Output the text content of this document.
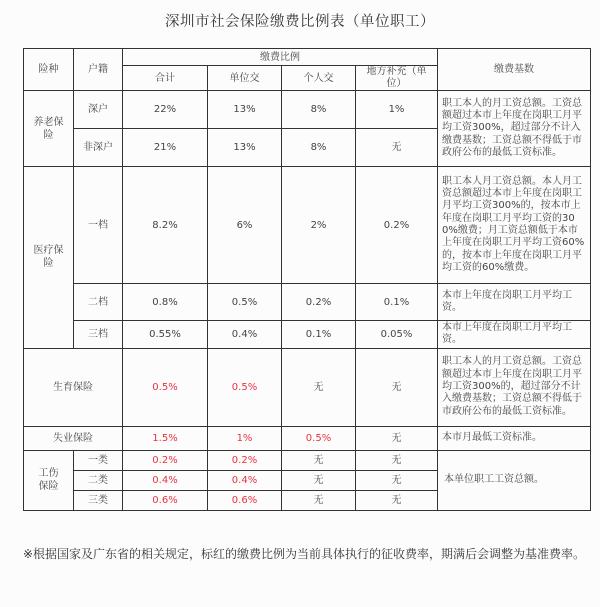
深圳市社会保险缴费比例表（单位职工）
险种	户籍	缴费比例				缴费基数
		合计	单位交	个人交	地方补充（单位）	
养老保险	深户	22%	13%	8%	1%	职工本人的月工资总额。工资总额超过本市上年度在岗职工月平均工资300%，超过部分不计入缴费基数；工资总额不得低于市政府公布的最低工资标准。
	非深户	21%	13%	8%	无	
医疗保险	一档	8.2%	6%	2%	0.2%	职工本人月工资总额。本人月工资总额超过本市上年度在岗职工月平均工资300%的，按本市上年度在岗职工月平均工资的300%缴费；月工资总额低于本市上年度在岗职工月平均工资60%的，按本市上年度在岗职工月平均工资的60%缴费。
	二档	0.8%	0.5%	0.2%	0.1%	本市上年度在岗职工月平均工资。
	三档	0.55%	0.4%	0.1%	0.05%	本市上年度在岗职工月平均工资。
生育保险		0.5%	0.5%	无	无	职工本人的月工资总额。工资总额超过本市上年度在岗职工月平均工资300%的，超过部分不计入缴费基数；工资总额不得低于市政府公布的最低工资标准。
失业保险		1.5%	1%	0.5%	无	本市月最低工资标准。
工伤保险	一类	0.2%	0.2%	无	无	本单位职工工资总额。
	二类	0.4%	0.4%	无	无	
	三类	0.6%	0.6%	无	无	
※根据国家及广东省的相关规定，标红的缴费比例为当前具体执行的征收费率，期满后会调整为基准费率。
